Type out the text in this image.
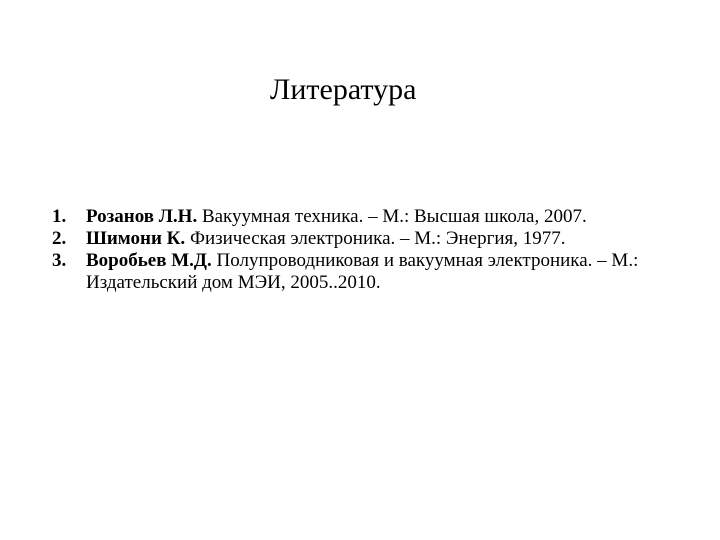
Литература
1. Розанов Л.Н. Вакуумная техника. – М.: Высшая школа, 2007.
2. Шимони К. Физическая электроника. – М.: Энергия, 1977.
3. Воробьев М.Д. Полупроводниковая и вакуумная электроника. – М.: Издательский дом МЭИ, 2005..2010.
